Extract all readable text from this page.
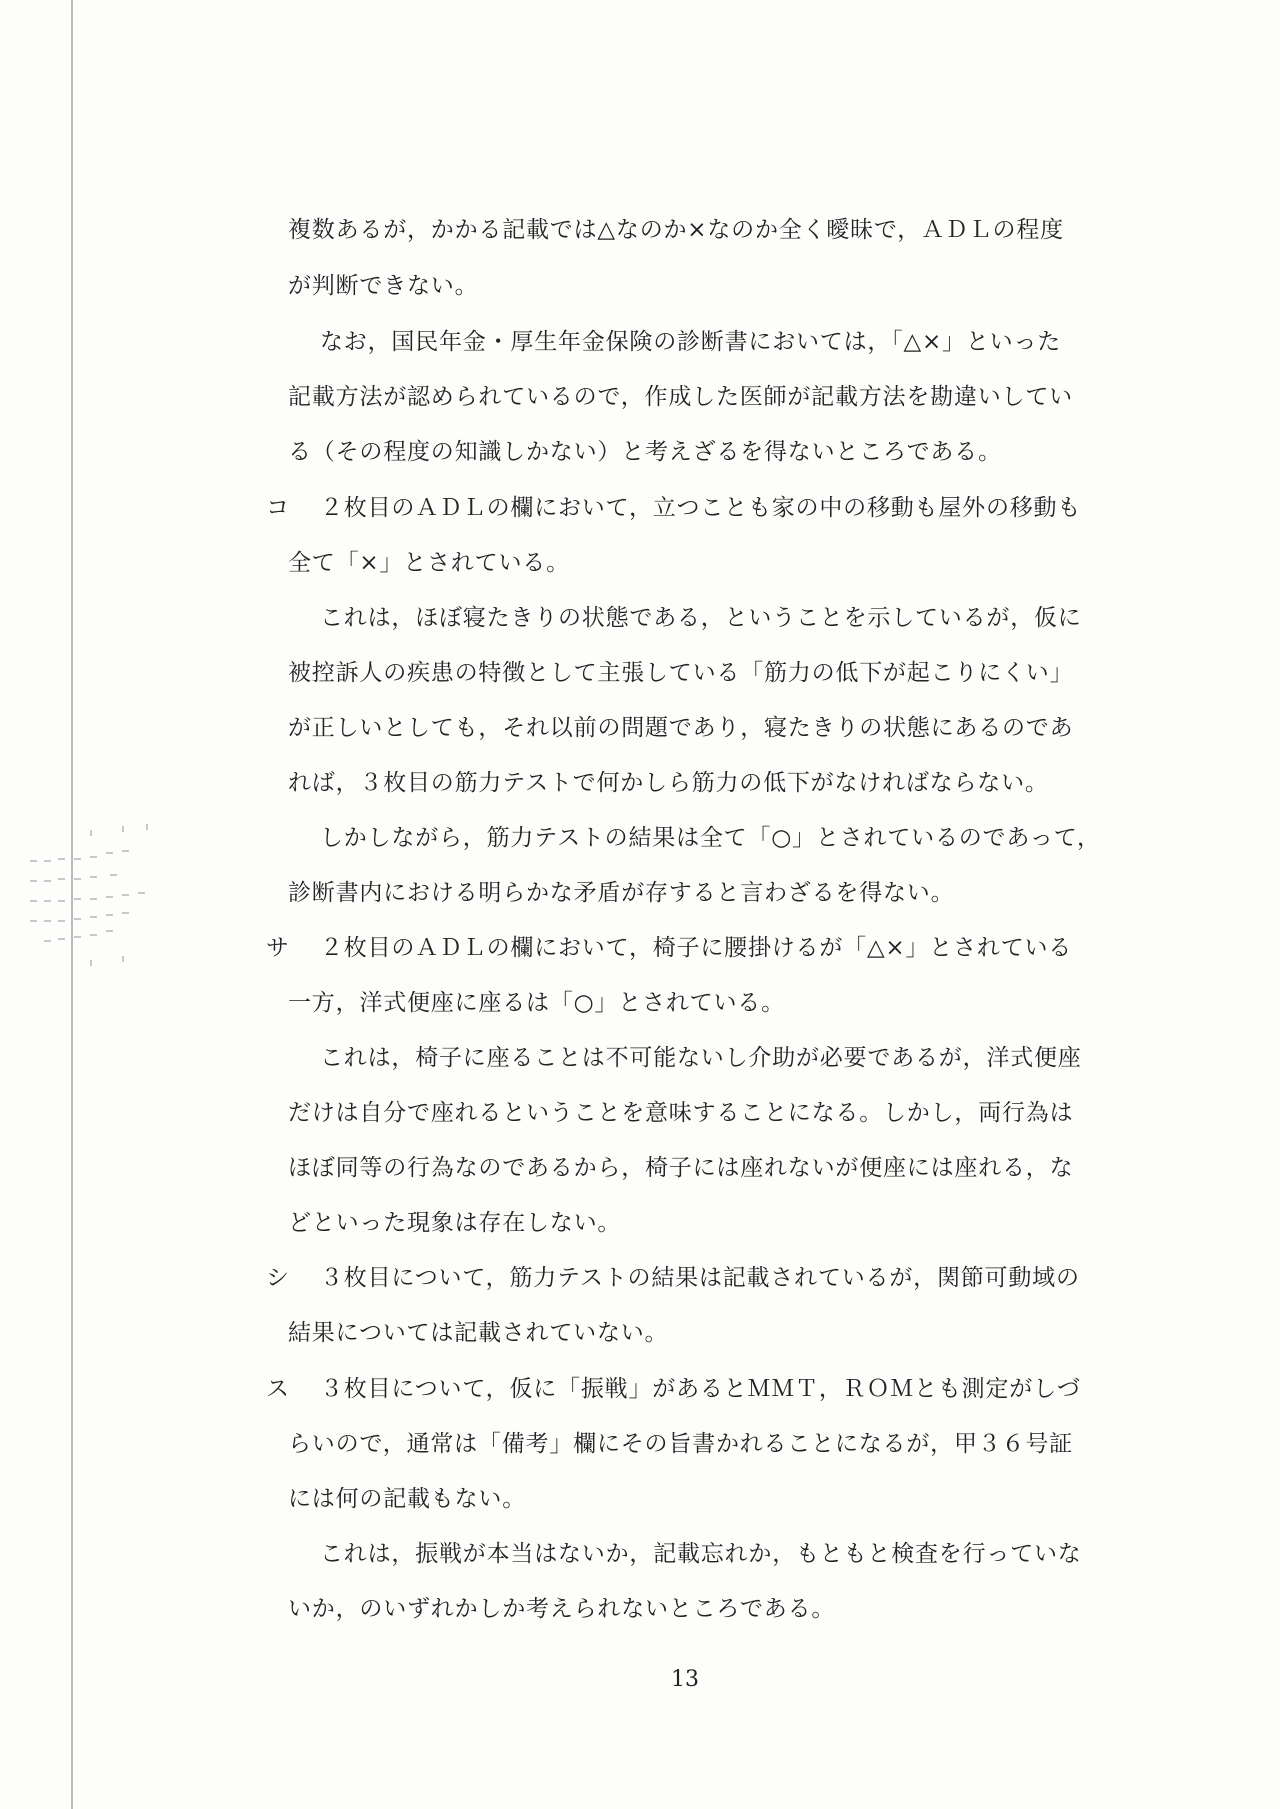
複数あるが，かかる記載では△なのか×なのか全く曖昧で，ＡＤＬの程度
が判断できない。
なお，国民年金・厚生年金保険の診断書においては，「△×」といった
記載方法が認められているので，作成した医師が記載方法を勘違いしてい
る（その程度の知識しかない）と考えざるを得ないところである。
コ ２枚目のＡＤＬの欄において，立つことも家の中の移動も屋外の移動も
全て「×」とされている。
これは，ほぼ寝たきりの状態である，ということを示しているが，仮に
被控訴人の疾患の特徴として主張している「筋力の低下が起こりにくい」
が正しいとしても，それ以前の問題であり，寝たきりの状態にあるのであ
れば，３枚目の筋力テストで何かしら筋力の低下がなければならない。
しかしながら，筋力テストの結果は全て「○」とされているのであって，
診断書内における明らかな矛盾が存すると言わざるを得ない。
サ ２枚目のＡＤＬの欄において，椅子に腰掛けるが「△×」とされている
一方，洋式便座に座るは「○」とされている。
これは，椅子に座ることは不可能ないし介助が必要であるが，洋式便座
だけは自分で座れるということを意味することになる。しかし，両行為は
ほぼ同等の行為なのであるから，椅子には座れないが便座には座れる，な
どといった現象は存在しない。
シ ３枚目について，筋力テストの結果は記載されているが，関節可動域の
結果については記載されていない。
ス ３枚目について，仮に「振戦」があるとＭＭＴ，ＲＯＭとも測定がしづ
らいので，通常は「備考」欄にその旨書かれることになるが，甲３６号証
には何の記載もない。
これは，振戦が本当はないか，記載忘れか，もともと検査を行っていな
いか，のいずれかしか考えられないところである。
13
